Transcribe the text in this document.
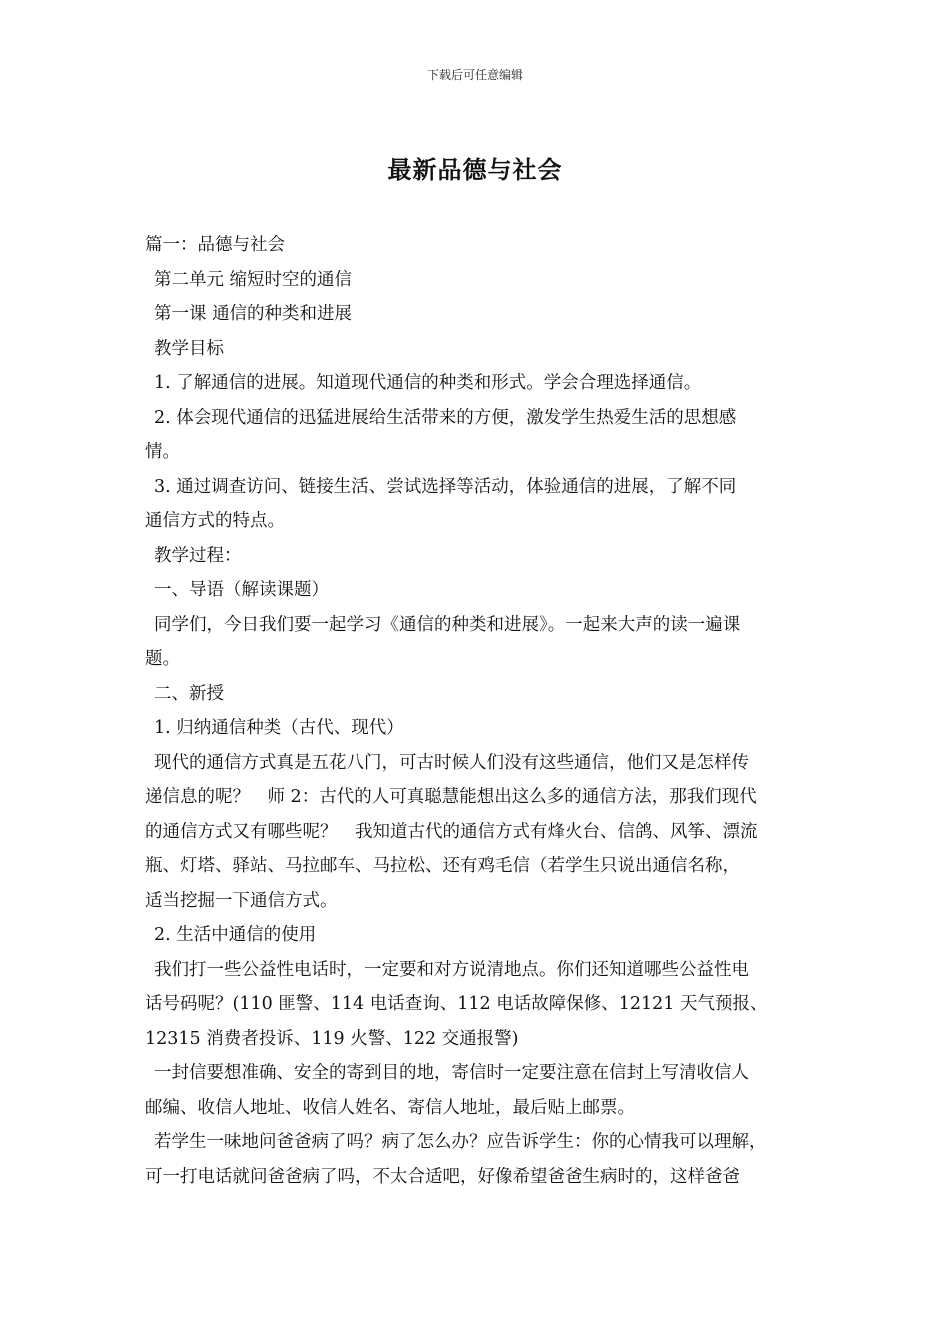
下载后可任意编辑
最新品德与社会
篇一：品德与社会
第二单元 缩短时空的通信
第一课 通信的种类和进展
教学目标
1. 了解通信的进展。知道现代通信的种类和形式。学会合理选择通信。
2. 体会现代通信的迅猛进展给生活带来的方便，激发学生热爱生活的思想感
情。
3. 通过调查访问、链接生活、尝试选择等活动，体验通信的进展，了解不同
通信方式的特点。
教学过程：
一、导语（解读课题）
同学们，今日我们要一起学习《通信的种类和进展》。一起来大声的读一遍课
题。
二、新授
1. 归纳通信种类（古代、现代）
现代的通信方式真是五花八门，可古时候人们没有这些通信，他们又是怎样传
递信息的呢？　师 2：古代的人可真聪慧能想出这么多的通信方法，那我们现代
的通信方式又有哪些呢？　我知道古代的通信方式有烽火台、信鸽、风筝、漂流
瓶、灯塔、驿站、马拉邮车、马拉松、还有鸡毛信（若学生只说出通信名称，
适当挖掘一下通信方式。
2. 生活中通信的使用
我们打一些公益性电话时，一定要和对方说清地点。你们还知道哪些公益性电
话号码呢？(110 匪警、114 电话查询、112 电话故障保修、12121 天气预报、
12315 消费者投诉、119 火警、122 交通报警)
一封信要想准确、安全的寄到目的地，寄信时一定要注意在信封上写清收信人
邮编、收信人地址、收信人姓名、寄信人地址，最后贴上邮票。
若学生一味地问爸爸病了吗？病了怎么办？应告诉学生：你的心情我可以理解，
可一打电话就问爸爸病了吗，不太合适吧，好像希望爸爸生病时的，这样爸爸
